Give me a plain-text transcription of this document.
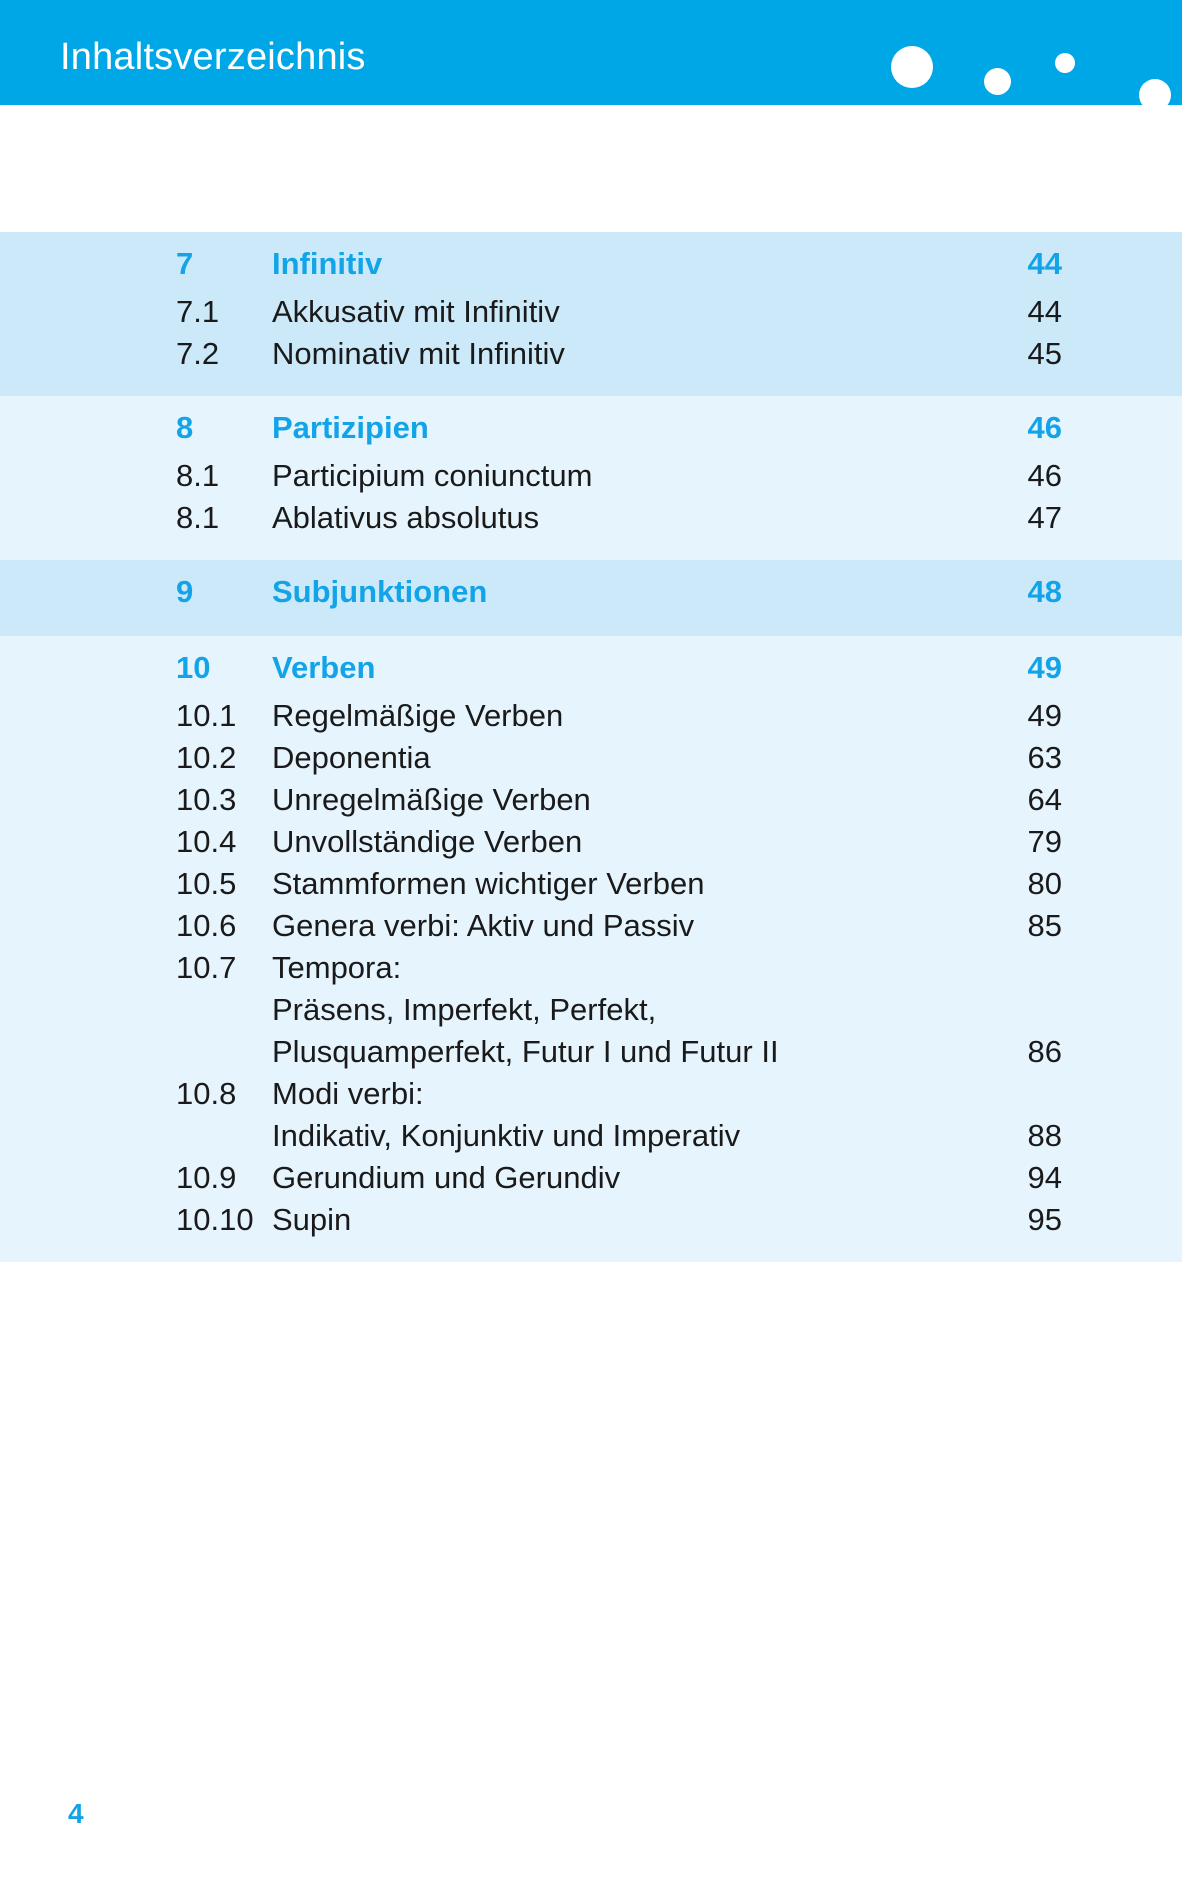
Inhaltsverzeichnis
7	Infinitiv	44
7.1	Akkusativ mit Infinitiv	44
7.2	Nominativ mit Infinitiv	45
8	Partizipien	46
8.1	Participium coniunctum	46
8.1	Ablativus absolutus	47
9	Subjunktionen	48
10	Verben	49
10.1	Regelmäßige Verben	49
10.2	Deponentia	63
10.3	Unregelmäßige Verben	64
10.4	Unvollständige Verben	79
10.5	Stammformen wichtiger Verben	80
10.6	Genera verbi: Aktiv und Passiv	85
10.7	Tempora:
Präsens, Imperfekt, Perfekt,
Plusquamperfekt, Futur I und Futur II	86
10.8	Modi verbi:
Indikativ, Konjunktiv und Imperativ	88
10.9	Gerundium und Gerundiv	94
10.10 Supin	95
4
